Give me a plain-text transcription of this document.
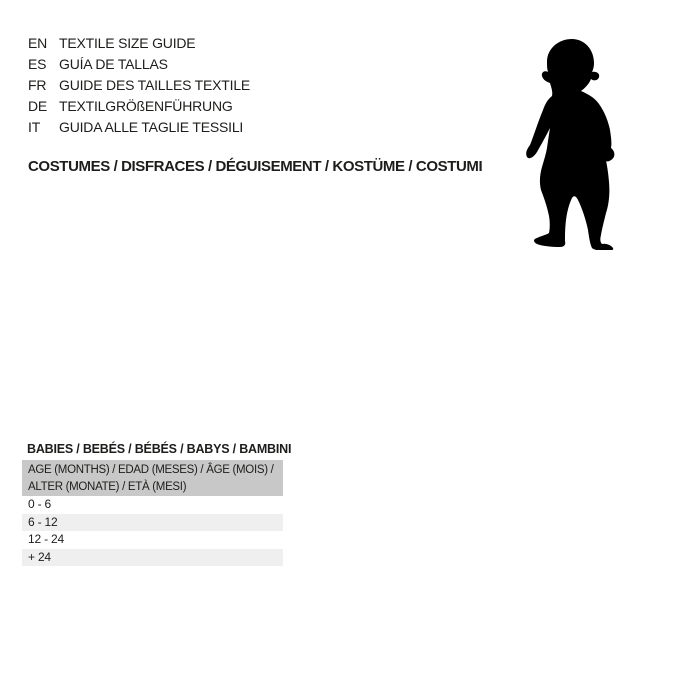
EN TEXTILE SIZE GUIDE
ES GUÍA DE TALLAS
FR GUIDE DES TAILLES TEXTILE
DE TEXTILGRÖßENFÜHRUNG
IT	GUIDA ALLE TAGLIE TESSILI
COSTUMES / DISFRACES / DÉGUISEMENT / KOSTÜME / COSTUMI
BABIES / BEBÉS / BÉBÉS / BABYS / BAMBINI
AGE (MONTHS) / EDAD (MESES) / ÂGE (MOIS) /
ALTER (MONATE) / ETÀ (MESI)
0 - 6
6 - 12
12 - 24
+ 24
